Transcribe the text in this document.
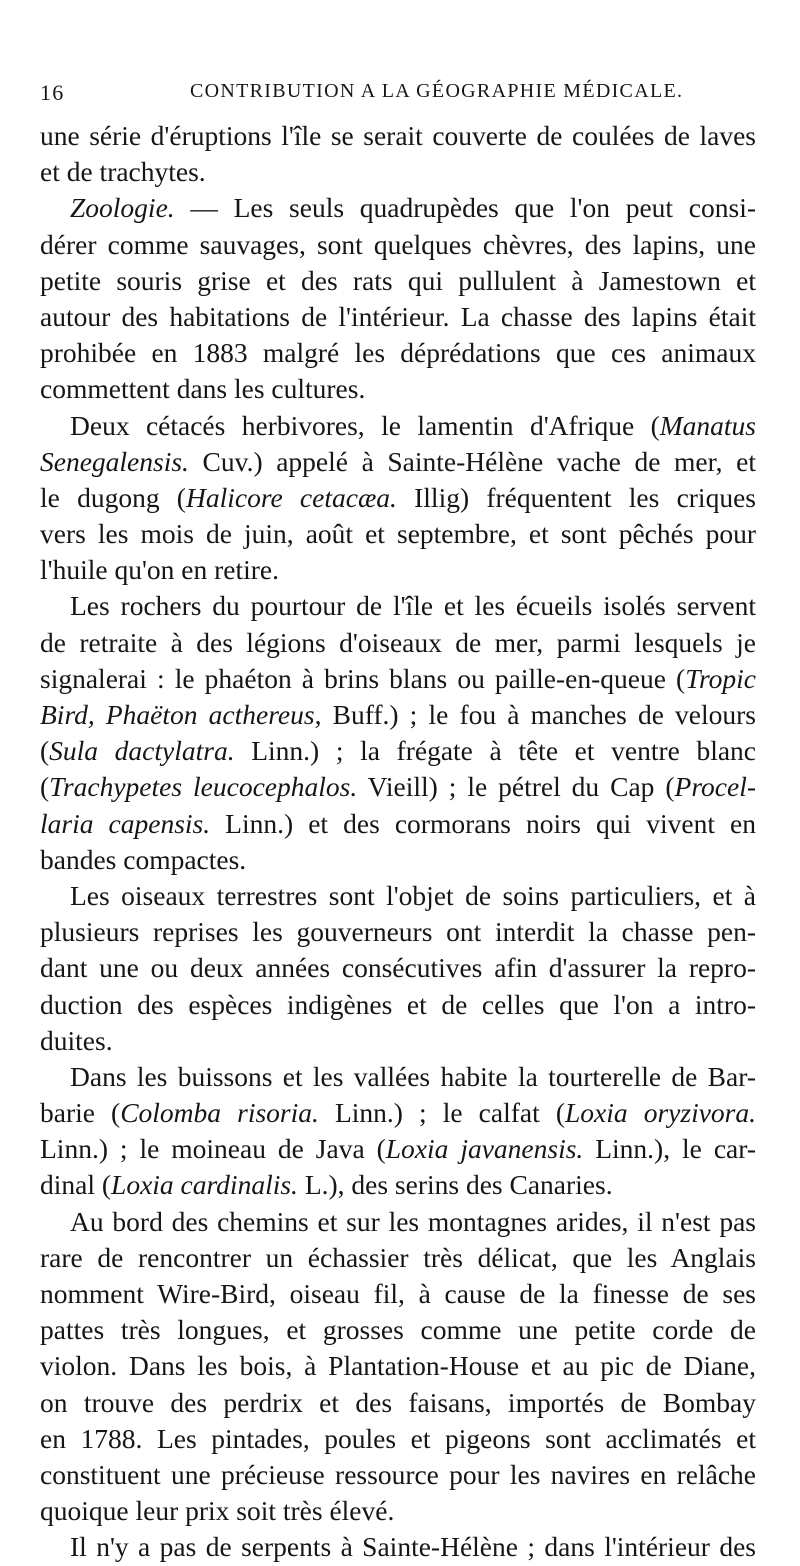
16	CONTRIBUTION A LA GÉOGRAPHIE MÉDICALE.
une série d'éruptions l'île se serait couverte de coulées de laves
et de trachytes.
Zoologie. — Les seuls quadrupèdes que l'on peut consi-
dérer comme sauvages, sont quelques chèvres, des lapins, une
petite souris grise et des rats qui pullulent à Jamestown et
autour des habitations de l'intérieur. La chasse des lapins était
prohibée en 1883 malgré les déprédations que ces animaux
commettent dans les cultures.
Deux cétacés herbivores, le lamentin d'Afrique (Manatus
Senegalensis. Cuv.) appelé à Sainte-Hélène vache de mer, et
le dugong (Halicore cetacæa. Illig) fréquentent les criques
vers les mois de juin, août et septembre, et sont pêchés pour
l'huile qu'on en retire.
Les rochers du pourtour de l'île et les écueils isolés servent
de retraite à des légions d'oiseaux de mer, parmi lesquels je
signalerai : le phaéton à brins blans ou paille-en-queue (Tropic
Bird, Phaëton acthereus, Buff.) ; le fou à manches de velours
(Sula dactylatra. Linn.) ; la frégate à tête et ventre blanc
(Trachypetes leucocephalos. Vieill) ; le pétrel du Cap (Procel-
laria capensis. Linn.) et des cormorans noirs qui vivent en
bandes compactes.
Les oiseaux terrestres sont l'objet de soins particuliers, et à
plusieurs reprises les gouverneurs ont interdit la chasse pen-
dant une ou deux années consécutives afin d'assurer la repro-
duction des espèces indigènes et de celles que l'on a intro-
duites.
Dans les buissons et les vallées habite la tourterelle de Bar-
barie (Colomba risoria. Linn.) ; le calfat (Loxia oryzivora.
Linn.) ; le moineau de Java (Loxia javanensis. Linn.), le car-
dinal (Loxia cardinalis. L.), des serins des Canaries.
Au bord des chemins et sur les montagnes arides, il n'est pas
rare de rencontrer un échassier très délicat, que les Anglais
nomment Wire-Bird, oiseau fil, à cause de la finesse de ses
pattes très longues, et grosses comme une petite corde de
violon. Dans les bois, à Plantation-House et au pic de Diane,
on trouve des perdrix et des faisans, importés de Bombay
en 1788. Les pintades, poules et pigeons sont acclimatés et
constituent une précieuse ressource pour les navires en relâche
quoique leur prix soit très élevé.
Il n'y a pas de serpents à Sainte-Hélène ; dans l'intérieur des
